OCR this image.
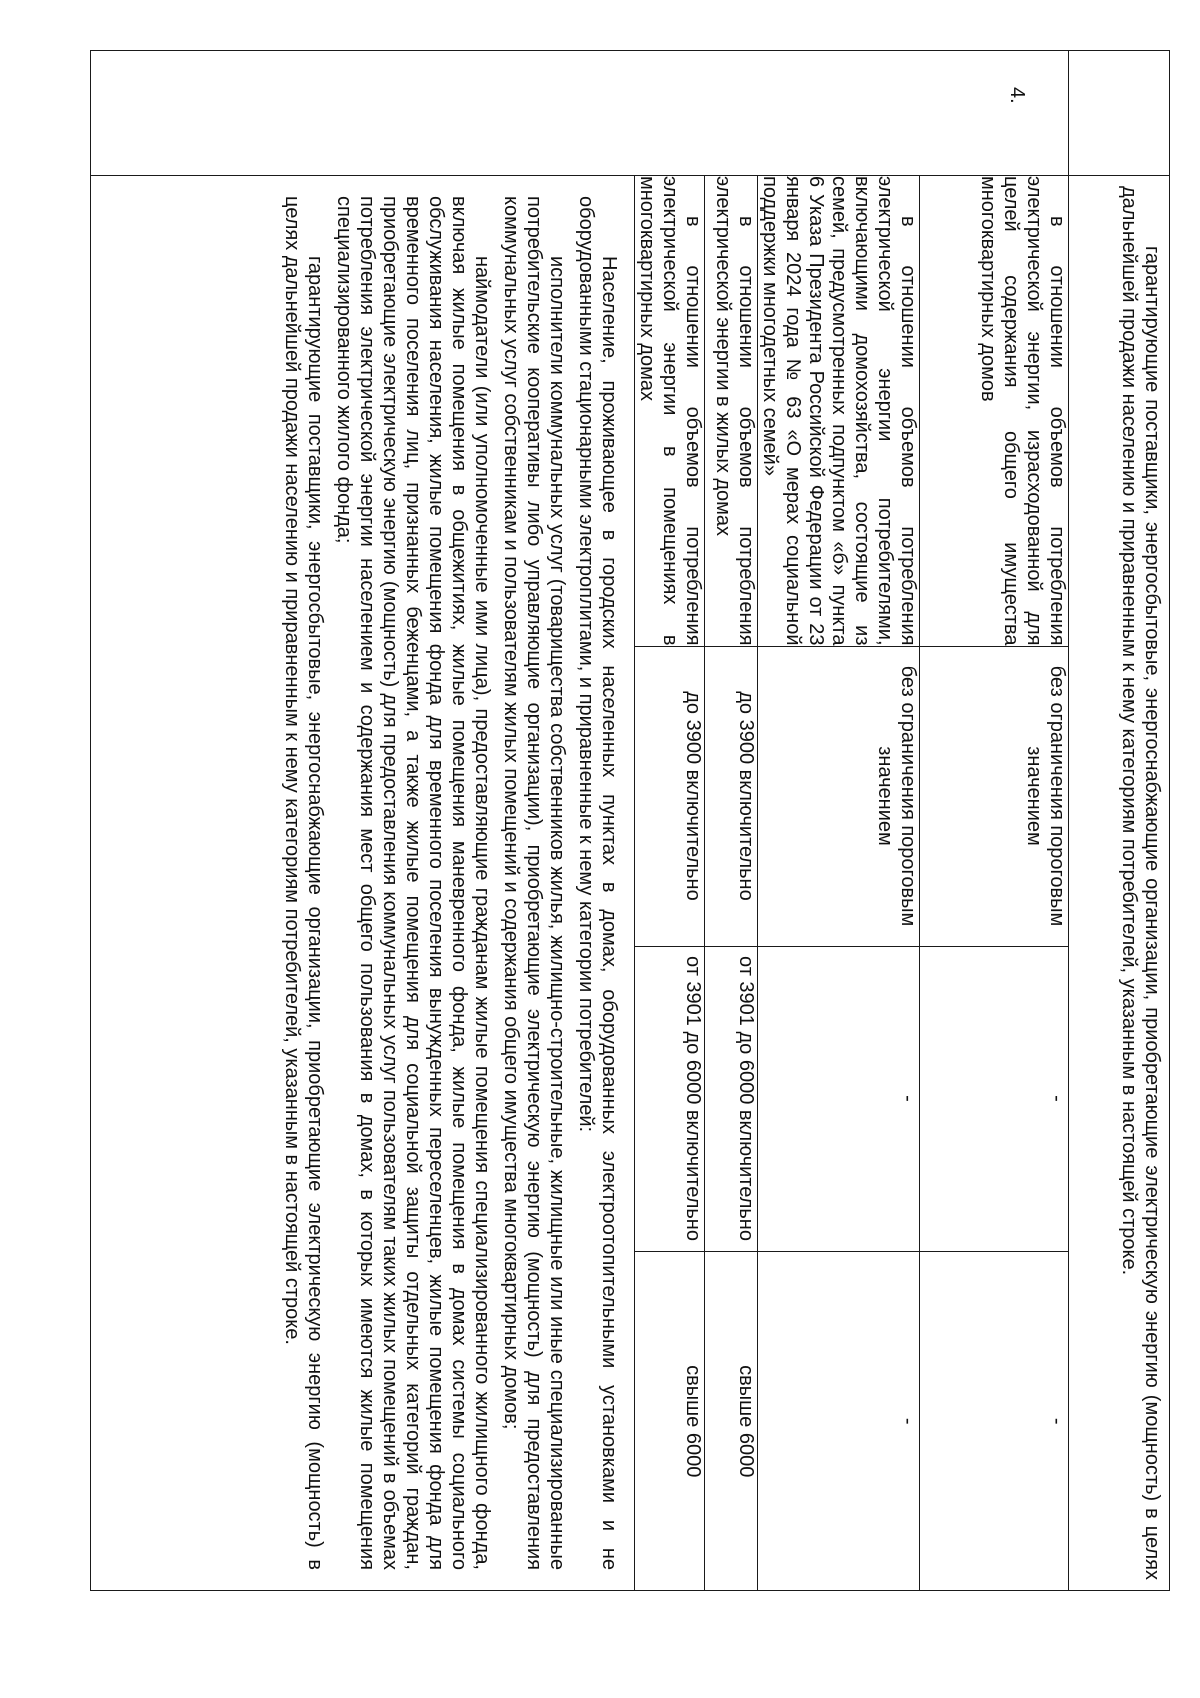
гарантирующие поставщики, энергосбытовые, энергоснабжающие организации, приобретающие электрическую энергию (мощность) в целях дальнейшей продажи населению и приравненным к нему категориям потребителей, указанным в настоящей строке.

4.

в отношении объемов потребления электрической энергии, израсходованной для целей содержания общего имущества многоквартирных домов	без ограничения пороговым значением	-	-
в отношении объемов потребления электрической энергии потребителями, включающими домохозяйства, состоящие из семей, предусмотренных подпунктом «б» пункта 6 Указа Президента Российской Федерации от 23 января 2024 года № 63 «О мерах социальной поддержки многодетных семей»	без ограничения пороговым значением	-	-
в отношении объемов потребления электрической энергии в жилых домах	до 3900 включительно	от 3901 до 6000 включительно	свыше 6000
в отношении объемов потребления электрической энергии в помещениях в многоквартирных домах	до 3900 включительно	от 3901 до 6000 включительно	свыше 6000

Население, проживающее в городских населенных пунктах в домах, оборудованных электроотопительными установками и не оборудованными стационарными электроплитами, и приравненные к нему категории потребителей:

исполнители коммунальных услуг (товарищества собственников жилья, жилищно-строительные, жилищные или иные специализированные потребительские кооперативы либо управляющие организации), приобретающие электрическую энергию (мощность) для предоставления коммунальных услуг собственникам и пользователям жилых помещений и содержания общего имущества многоквартирных домов;

наймодатели (или уполномоченные ими лица), предоставляющие гражданам жилые помещения специализированного жилищного фонда, включая жилые помещения в общежитиях, жилые помещения маневренного фонда, жилые помещения в домах системы социального обслуживания населения, жилые помещения фонда для временного поселения вынужденных переселенцев, жилые помещения фонда для временного поселения лиц, признанных беженцами, а также жилые помещения для социальной защиты отдельных категорий граждан, приобретающие электрическую энергию (мощность) для предоставления коммунальных услуг пользователям таких жилых помещений в объемах потребления электрической энергии населением и содержания мест общего пользования в домах, в которых имеются жилые помещения специализированного жилого фонда;

гарантирующие поставщики, энергосбытовые, энергоснабжающие организации, приобретающие электрическую энергию (мощность) в целях дальнейшей продажи населению и приравненным к нему категориям потребителей, указанным в настоящей строке.
